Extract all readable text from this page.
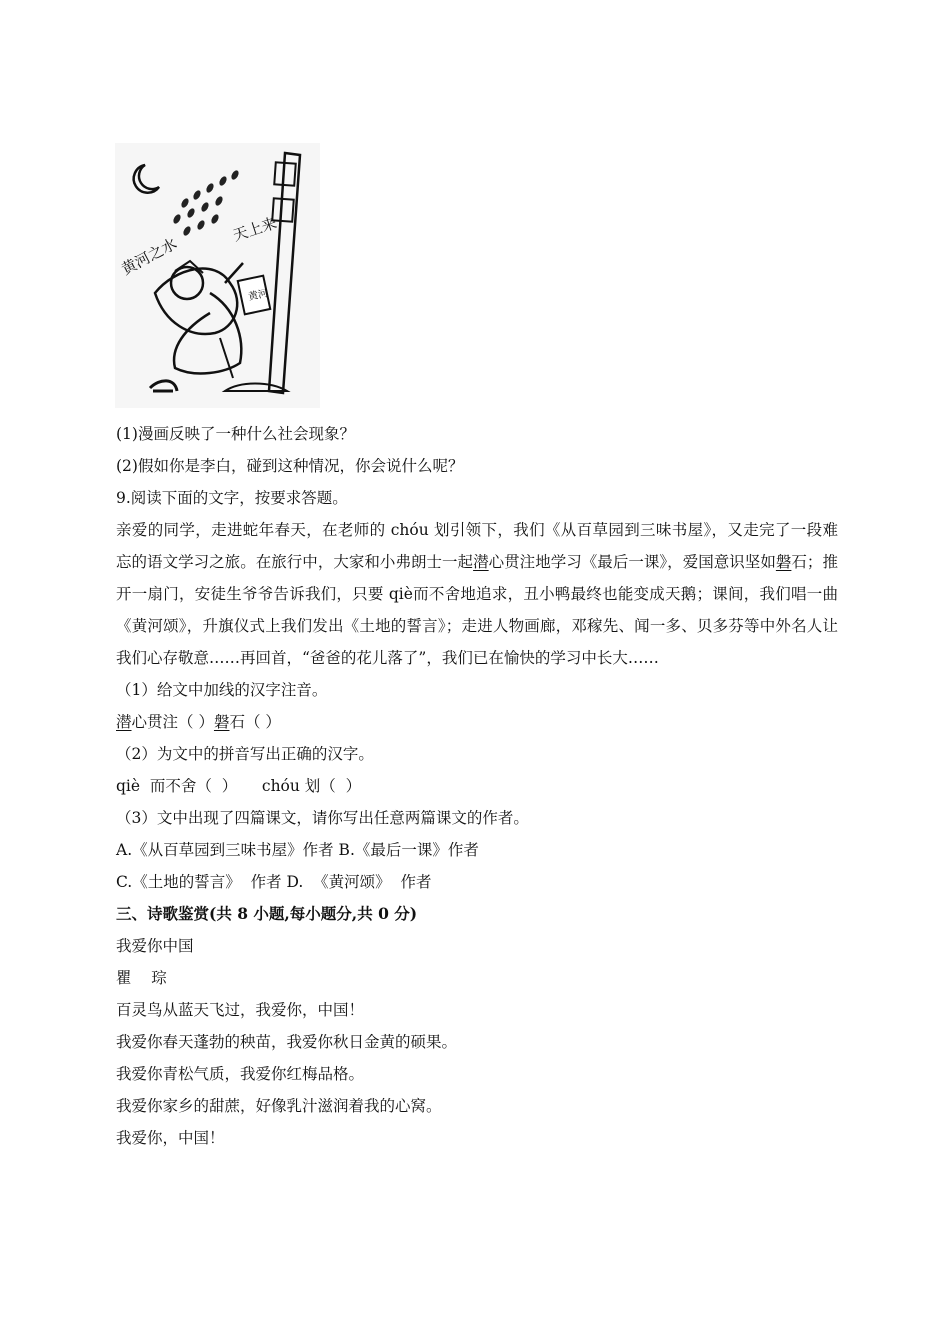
黄河
黄河之水
天上来

(1)漫画反映了一种什么社会现象？

(2)假如你是李白，碰到这种情况，你会说什么呢？

9.阅读下面的文字，按要求答题。

亲爱的同学，走进蛇年春天，在老师的 chóu 划引领下，我们《从百草园到三味书屋》，又走完了一段难忘的语文学习之旅。在旅行中，大家和小弗朗士一起潜心贯注地学习《最后一课》，爱国意识坚如磐石；推开一扇门，安徒生爷爷告诉我们，只要 qiè而不舍地追求，丑小鸭最终也能变成天鹅；课间，我们唱一曲《黄河颂》，升旗仪式上我们发出《土地的誓言》；走进人物画廊，邓稼先、闻一多、贝多芬等中外名人让我们心存敬意……再回首，“爸爸的花儿落了”，我们已在愉快的学习中长大……

（1）给文中加线的汉字注音。

潜心贯注（ ）磐石（ ）

（2）为文中的拼音写出正确的汉字。

qiè  而不舍（  ）     chóu 划（  ）

（3）文中出现了四篇课文，请你写出任意两篇课文的作者。

A.《从百草园到三味书屋》作者 B.《最后一课》作者

C.《土地的誓言》  作者 D.  《黄河颂》  作者

三、诗歌鉴赏(共 8 小题,每小题分,共 0 分)

我爱你中国

瞿    琮

百灵鸟从蓝天飞过，我爱你，中国！

我爱你春天蓬勃的秧苗，我爱你秋日金黄的硕果。

我爱你青松气质，我爱你红梅品格。

我爱你家乡的甜蔗，好像乳汁滋润着我的心窝。

我爱你，中国！
